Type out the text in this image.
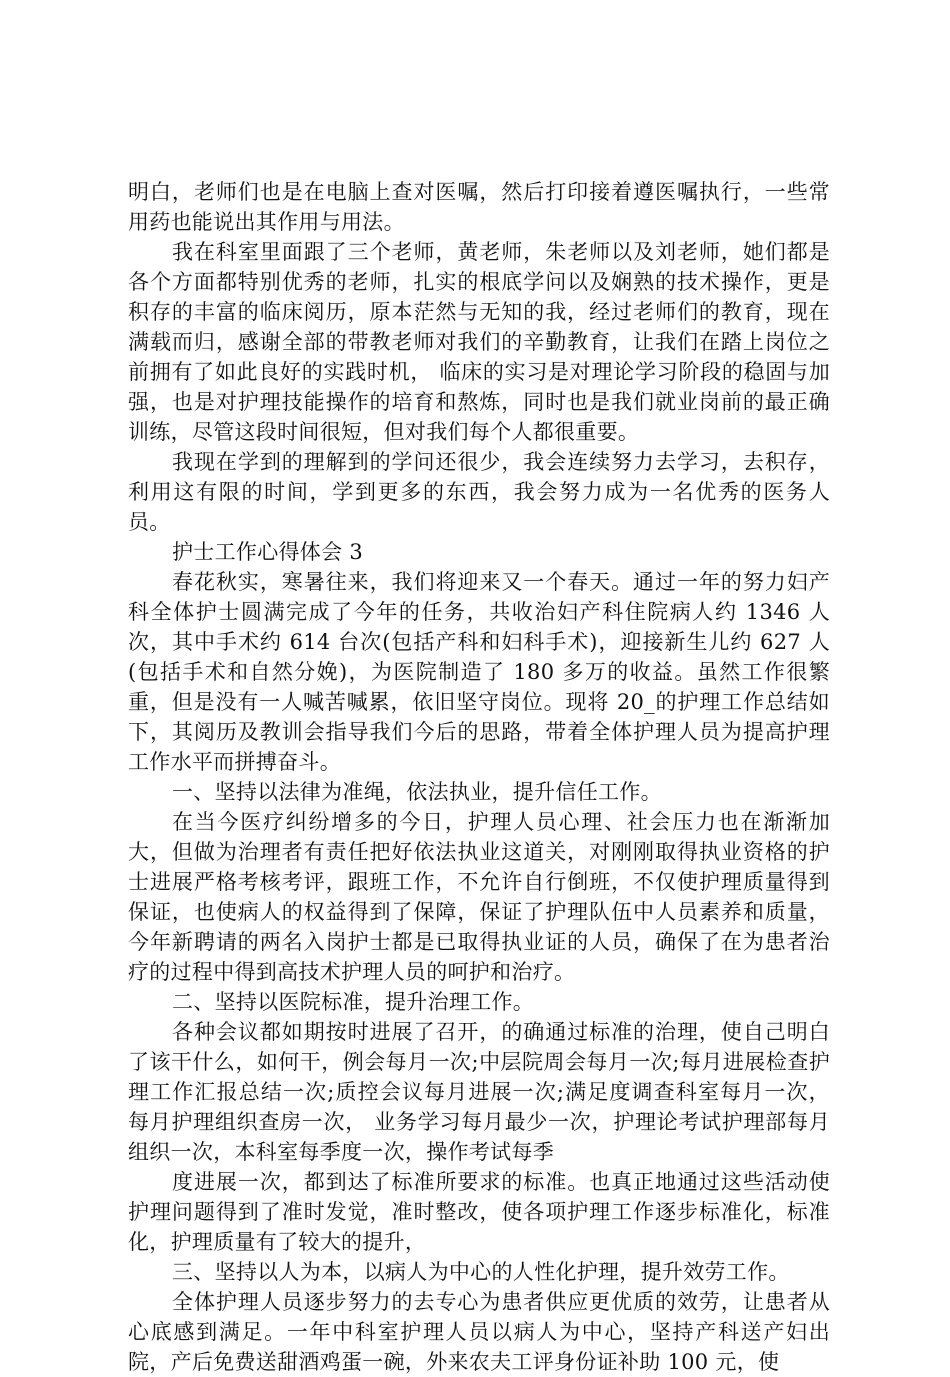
明白，老师们也是在电脑上查对医嘱，然后打印接着遵医嘱执行，一些常用药也能说出其作用与用法。

我在科室里面跟了三个老师，黄老师，朱老师以及刘老师，她们都是各个方面都特别优秀的老师，扎实的根底学问以及娴熟的技术操作，更是积存的丰富的临床阅历，原本茫然与无知的我，经过老师们的教育，现在满载而归，感谢全部的带教老师对我们的辛勤教育，让我们在踏上岗位之前拥有了如此良好的实践时机， 临床的实习是对理论学习阶段的稳固与加强，也是对护理技能操作的培育和熬炼，同时也是我们就业岗前的最正确训练，尽管这段时间很短，但对我们每个人都很重要。

我现在学到的理解到的学问还很少，我会连续努力去学习，去积存，利用这有限的时间，学到更多的东西，我会努力成为一名优秀的医务人员。

护士工作心得体会 3

春花秋实，寒暑往来，我们将迎来又一个春天。通过一年的努力妇产科全体护士圆满完成了今年的任务，共收治妇产科住院病人约 1346 人次，其中手术约 614 台次(包括产科和妇科手术)，迎接新生儿约 627 人(包括手术和自然分娩)，为医院制造了 180 多万的收益。虽然工作很繁重，但是没有一人喊苦喊累，依旧坚守岗位。现将 20_的护理工作总结如下，其阅历及教训会指导我们今后的思路，带着全体护理人员为提高护理工作水平而拼搏奋斗。

一、坚持以法律为准绳，依法执业，提升信任工作。

在当今医疗纠纷增多的今日，护理人员心理、社会压力也在渐渐加大，但做为治理者有责任把好依法执业这道关，对刚刚取得执业资格的护士进展严格考核考评，跟班工作，不允许自行倒班，不仅使护理质量得到保证，也使病人的权益得到了保障，保证了护理队伍中人员素养和质量，今年新聘请的两名入岗护士都是已取得执业证的人员，确保了在为患者治疗的过程中得到高技术护理人员的呵护和治疗。

二、坚持以医院标准，提升治理工作。

各种会议都如期按时进展了召开，的确通过标准的治理，使自己明白了该干什么，如何干，例会每月一次;中层院周会每月一次;每月进展检查护理工作汇报总结一次;质控会议每月进展一次;满足度调查科室每月一次， 每月护理组织查房一次， 业务学习每月最少一次，护理论考试护理部每月组织一次，本科室每季度一次，操作考试每季

度进展一次，都到达了标准所要求的标准。也真正地通过这些活动使护理问题得到了准时发觉，准时整改，使各项护理工作逐步标准化，标准化，护理质量有了较大的提升，

三、坚持以人为本，以病人为中心的人性化护理，提升效劳工作。

全体护理人员逐步努力的去专心为患者供应更优质的效劳，让患者从心底感到满足。一年中科室护理人员以病人为中心，坚持产科送产妇出院，产后免费送甜酒鸡蛋一碗，外来农夫工评身份证补助 100 元，使
